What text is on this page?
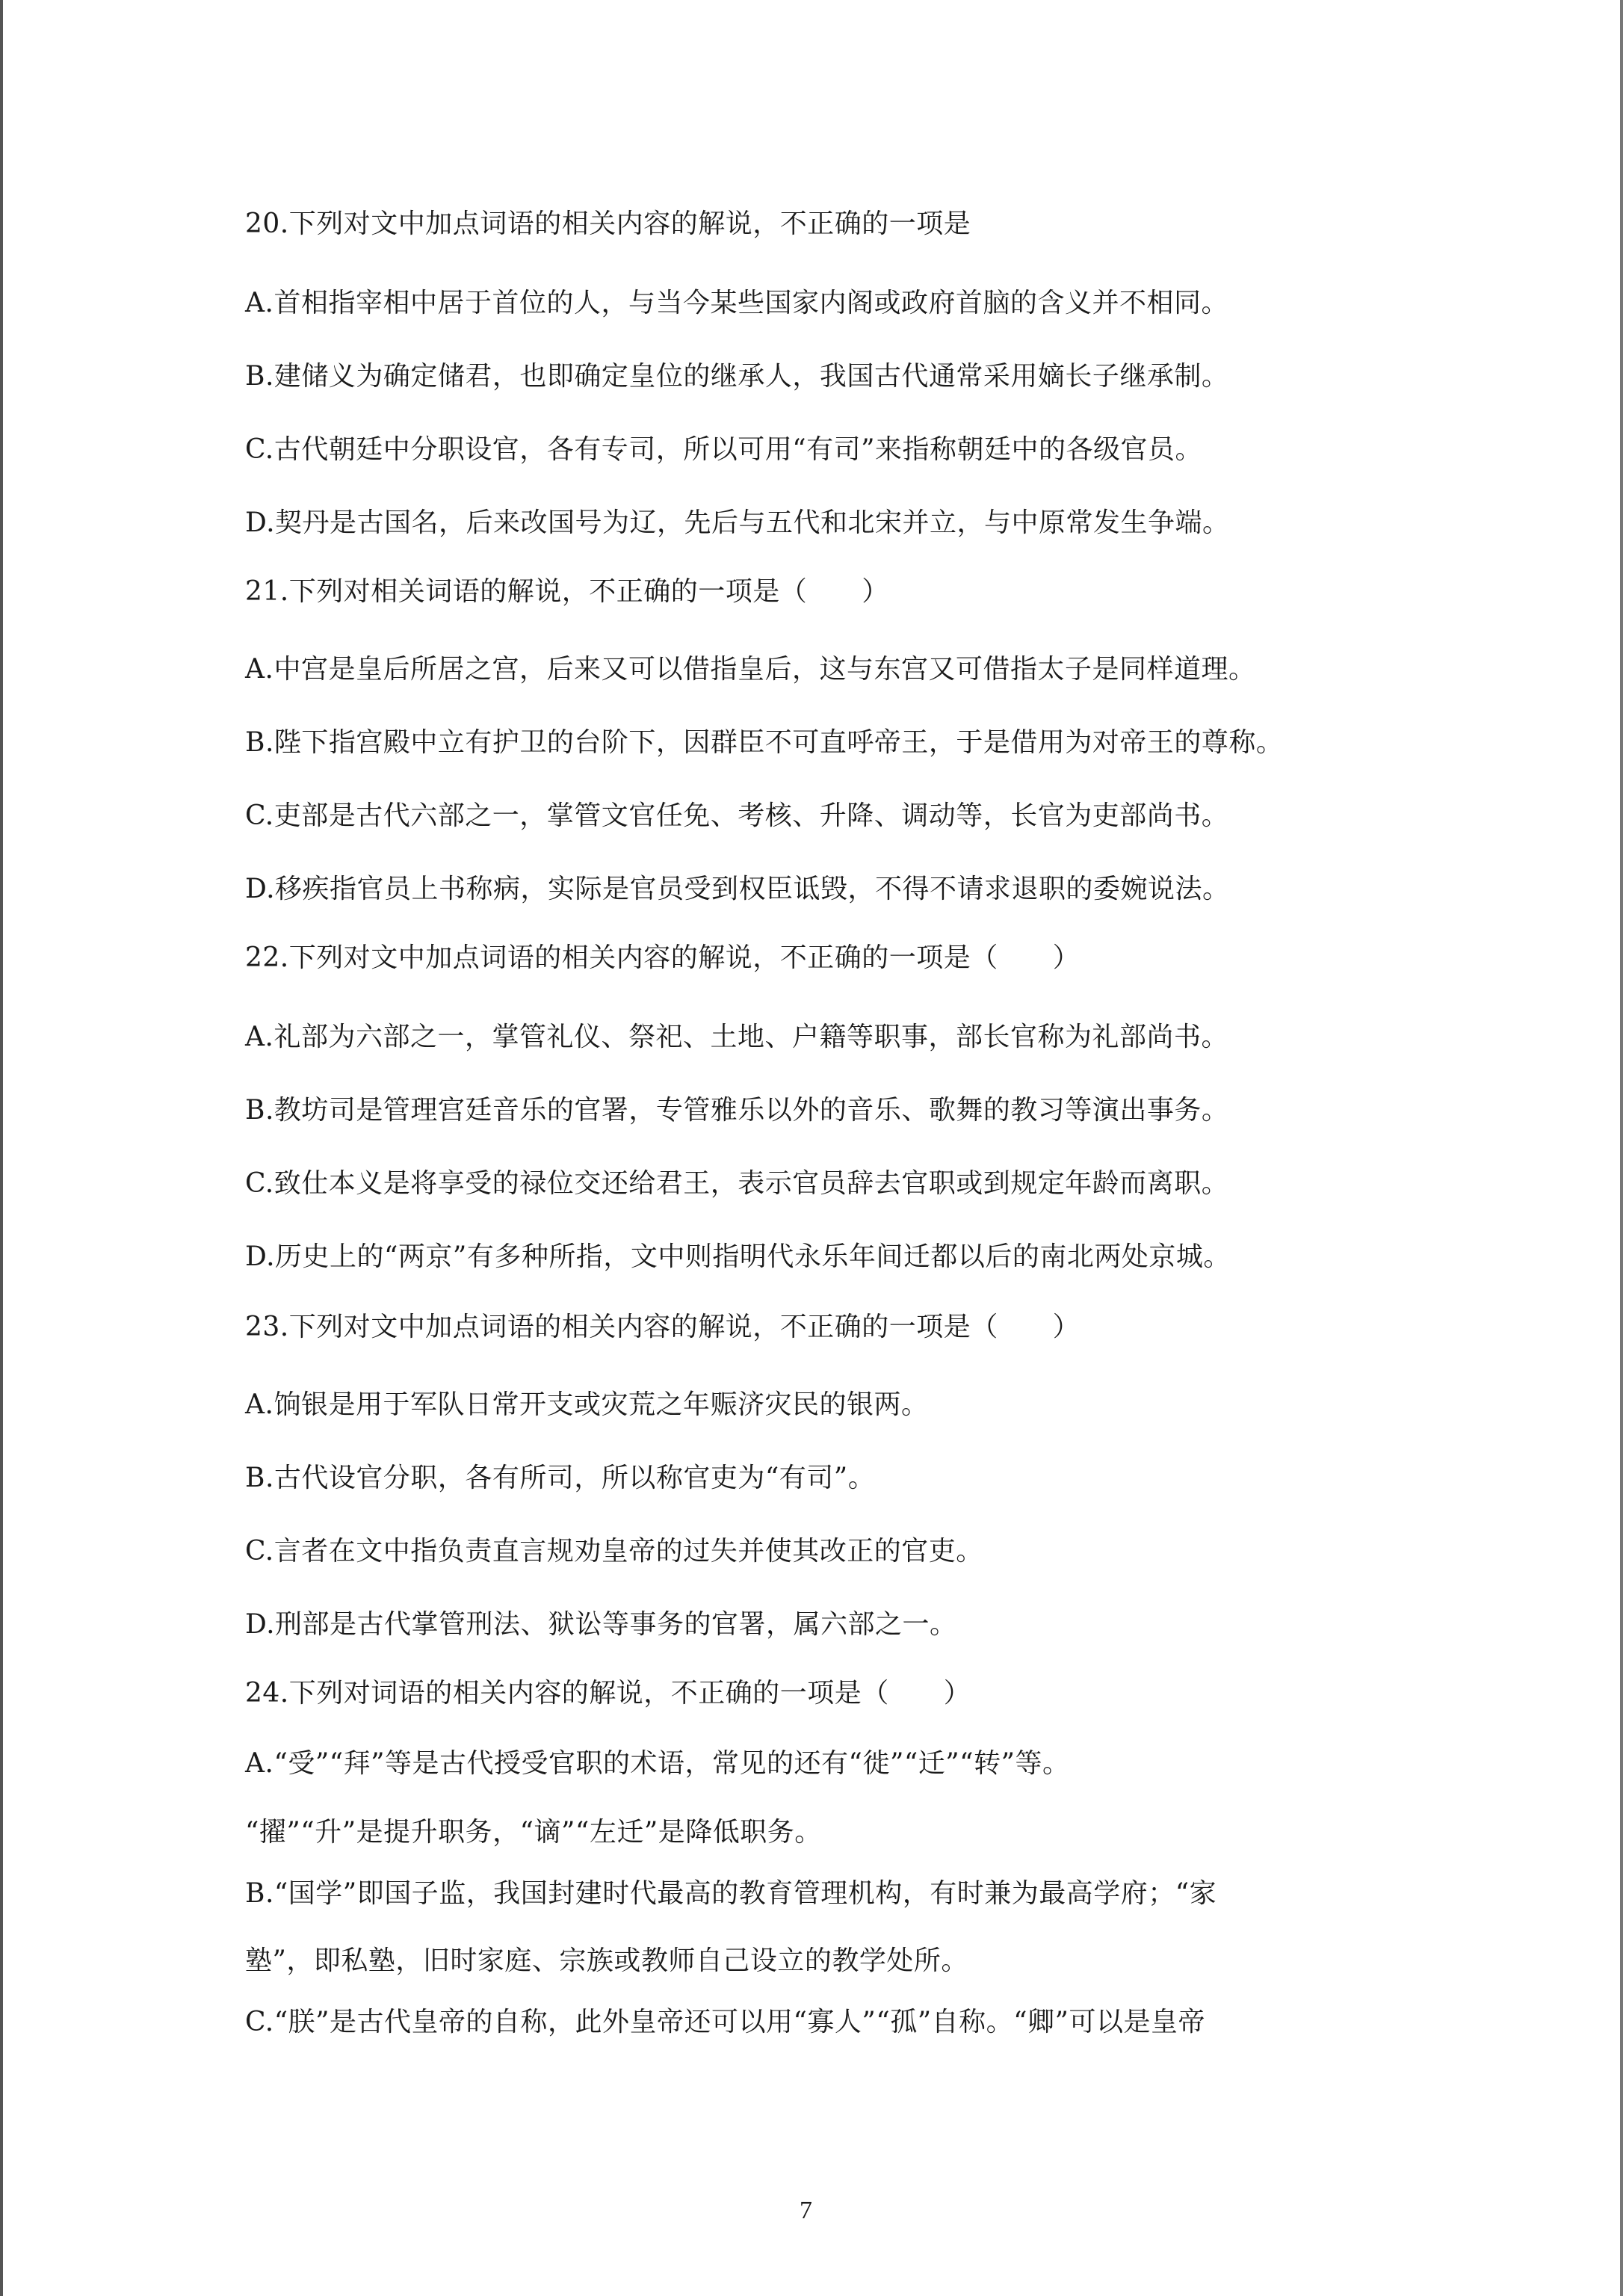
20.下列对文中加点词语的相关内容的解说，不正确的一项是
A.首相指宰相中居于首位的人，与当今某些国家内阁或政府首脑的含义并不相同。
B.建储义为确定储君，也即确定皇位的继承人，我国古代通常采用嫡长子继承制。
C.古代朝廷中分职设官，各有专司，所以可用“有司”来指称朝廷中的各级官员。
D.契丹是古国名，后来改国号为辽，先后与五代和北宋并立，与中原常发生争端。
21.下列对相关词语的解说，不正确的一项是（　　）
A.中宫是皇后所居之宫，后来又可以借指皇后，这与东宫又可借指太子是同样道理。
B.陛下指宫殿中立有护卫的台阶下，因群臣不可直呼帝王，于是借用为对帝王的尊称。
C.吏部是古代六部之一，掌管文官任免、考核、升降、调动等，长官为吏部尚书。
D.移疾指官员上书称病，实际是官员受到权臣诋毁，不得不请求退职的委婉说法。
22.下列对文中加点词语的相关内容的解说，不正确的一项是（　　）
A.礼部为六部之一，掌管礼仪、祭祀、土地、户籍等职事，部长官称为礼部尚书。
B.教坊司是管理宫廷音乐的官署，专管雅乐以外的音乐、歌舞的教习等演出事务。
C.致仕本义是将享受的禄位交还给君王，表示官员辞去官职或到规定年龄而离职。
D.历史上的“两京”有多种所指，文中则指明代永乐年间迁都以后的南北两处京城。
23.下列对文中加点词语的相关内容的解说，不正确的一项是（　　）
A.饷银是用于军队日常开支或灾荒之年赈济灾民的银两。
B.古代设官分职，各有所司，所以称官吏为“有司”。
C.言者在文中指负责直言规劝皇帝的过失并使其改正的官吏。
D.刑部是古代掌管刑法、狱讼等事务的官署，属六部之一。
24.下列对词语的相关内容的解说，不正确的一项是（　　）
A.“受”“拜”等是古代授受官职的术语，常见的还有“徙”“迁”“转”等。
“擢”“升”是提升职务，“谪”“左迁”是降低职务。
B.“国学”即国子监，我国封建时代最高的教育管理机构，有时兼为最高学府；“家
塾”，即私塾，旧时家庭、宗族或教师自己设立的教学处所。
C.“朕”是古代皇帝的自称，此外皇帝还可以用“寡人”“孤”自称。“卿”可以是皇帝
7
